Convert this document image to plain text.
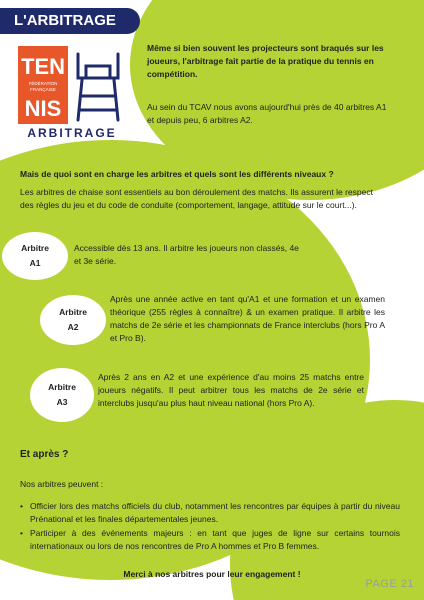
L'ARBITRAGE
TEN
FÉDÉRATION
FRANÇAISE
NIS
ARBITRAGE

Même si bien souvent les projecteurs sont braqués sur les joueurs, l'arbitrage fait partie de la pratique du tennis en compétition.

Au sein du TCAV nous avons aujourd'hui près de 40 arbitres A1 et depuis peu, 6 arbitres A2.

Mais de quoi sont en charge les arbitres et quels sont les différents niveaux ?

Les arbitres de chaise sont essentiels au bon déroulement des matchs. Ils assurent le respect des règles du jeu et du code de conduite (comportement, langage, attitude sur le court...).

Arbitre
A1

Accessible dès 13 ans. Il arbitre les joueurs non classés, 4e et 3e série.

Arbitre
A2

Après une année active en tant qu'A1 et une formation et un examen théorique (255 règles à connaître) & un examen pratique. Il arbitre les matchs de 2e série et les championnats de France interclubs (hors Pro A et Pro B).

Arbitre
A3

Après 2 ans en A2 et une expérience d'au moins 25 matchs entre joueurs négatifs. Il peut arbitrer tous les matchs de 2e série et interclubs jusqu'au plus haut niveau national (hors Pro A).

Et après ?

Nos arbitres peuvent :

• Officier lors des matchs officiels du club, notamment les rencontres par équipes à partir du niveau Prénational et les finales départementales jeunes.
• Participer à des événements majeurs : en tant que juges de ligne sur certains tournois internationaux ou lors de nos rencontres de Pro A hommes et Pro B femmes.

Merci à nos arbitres pour leur engagement !

PAGE 21
